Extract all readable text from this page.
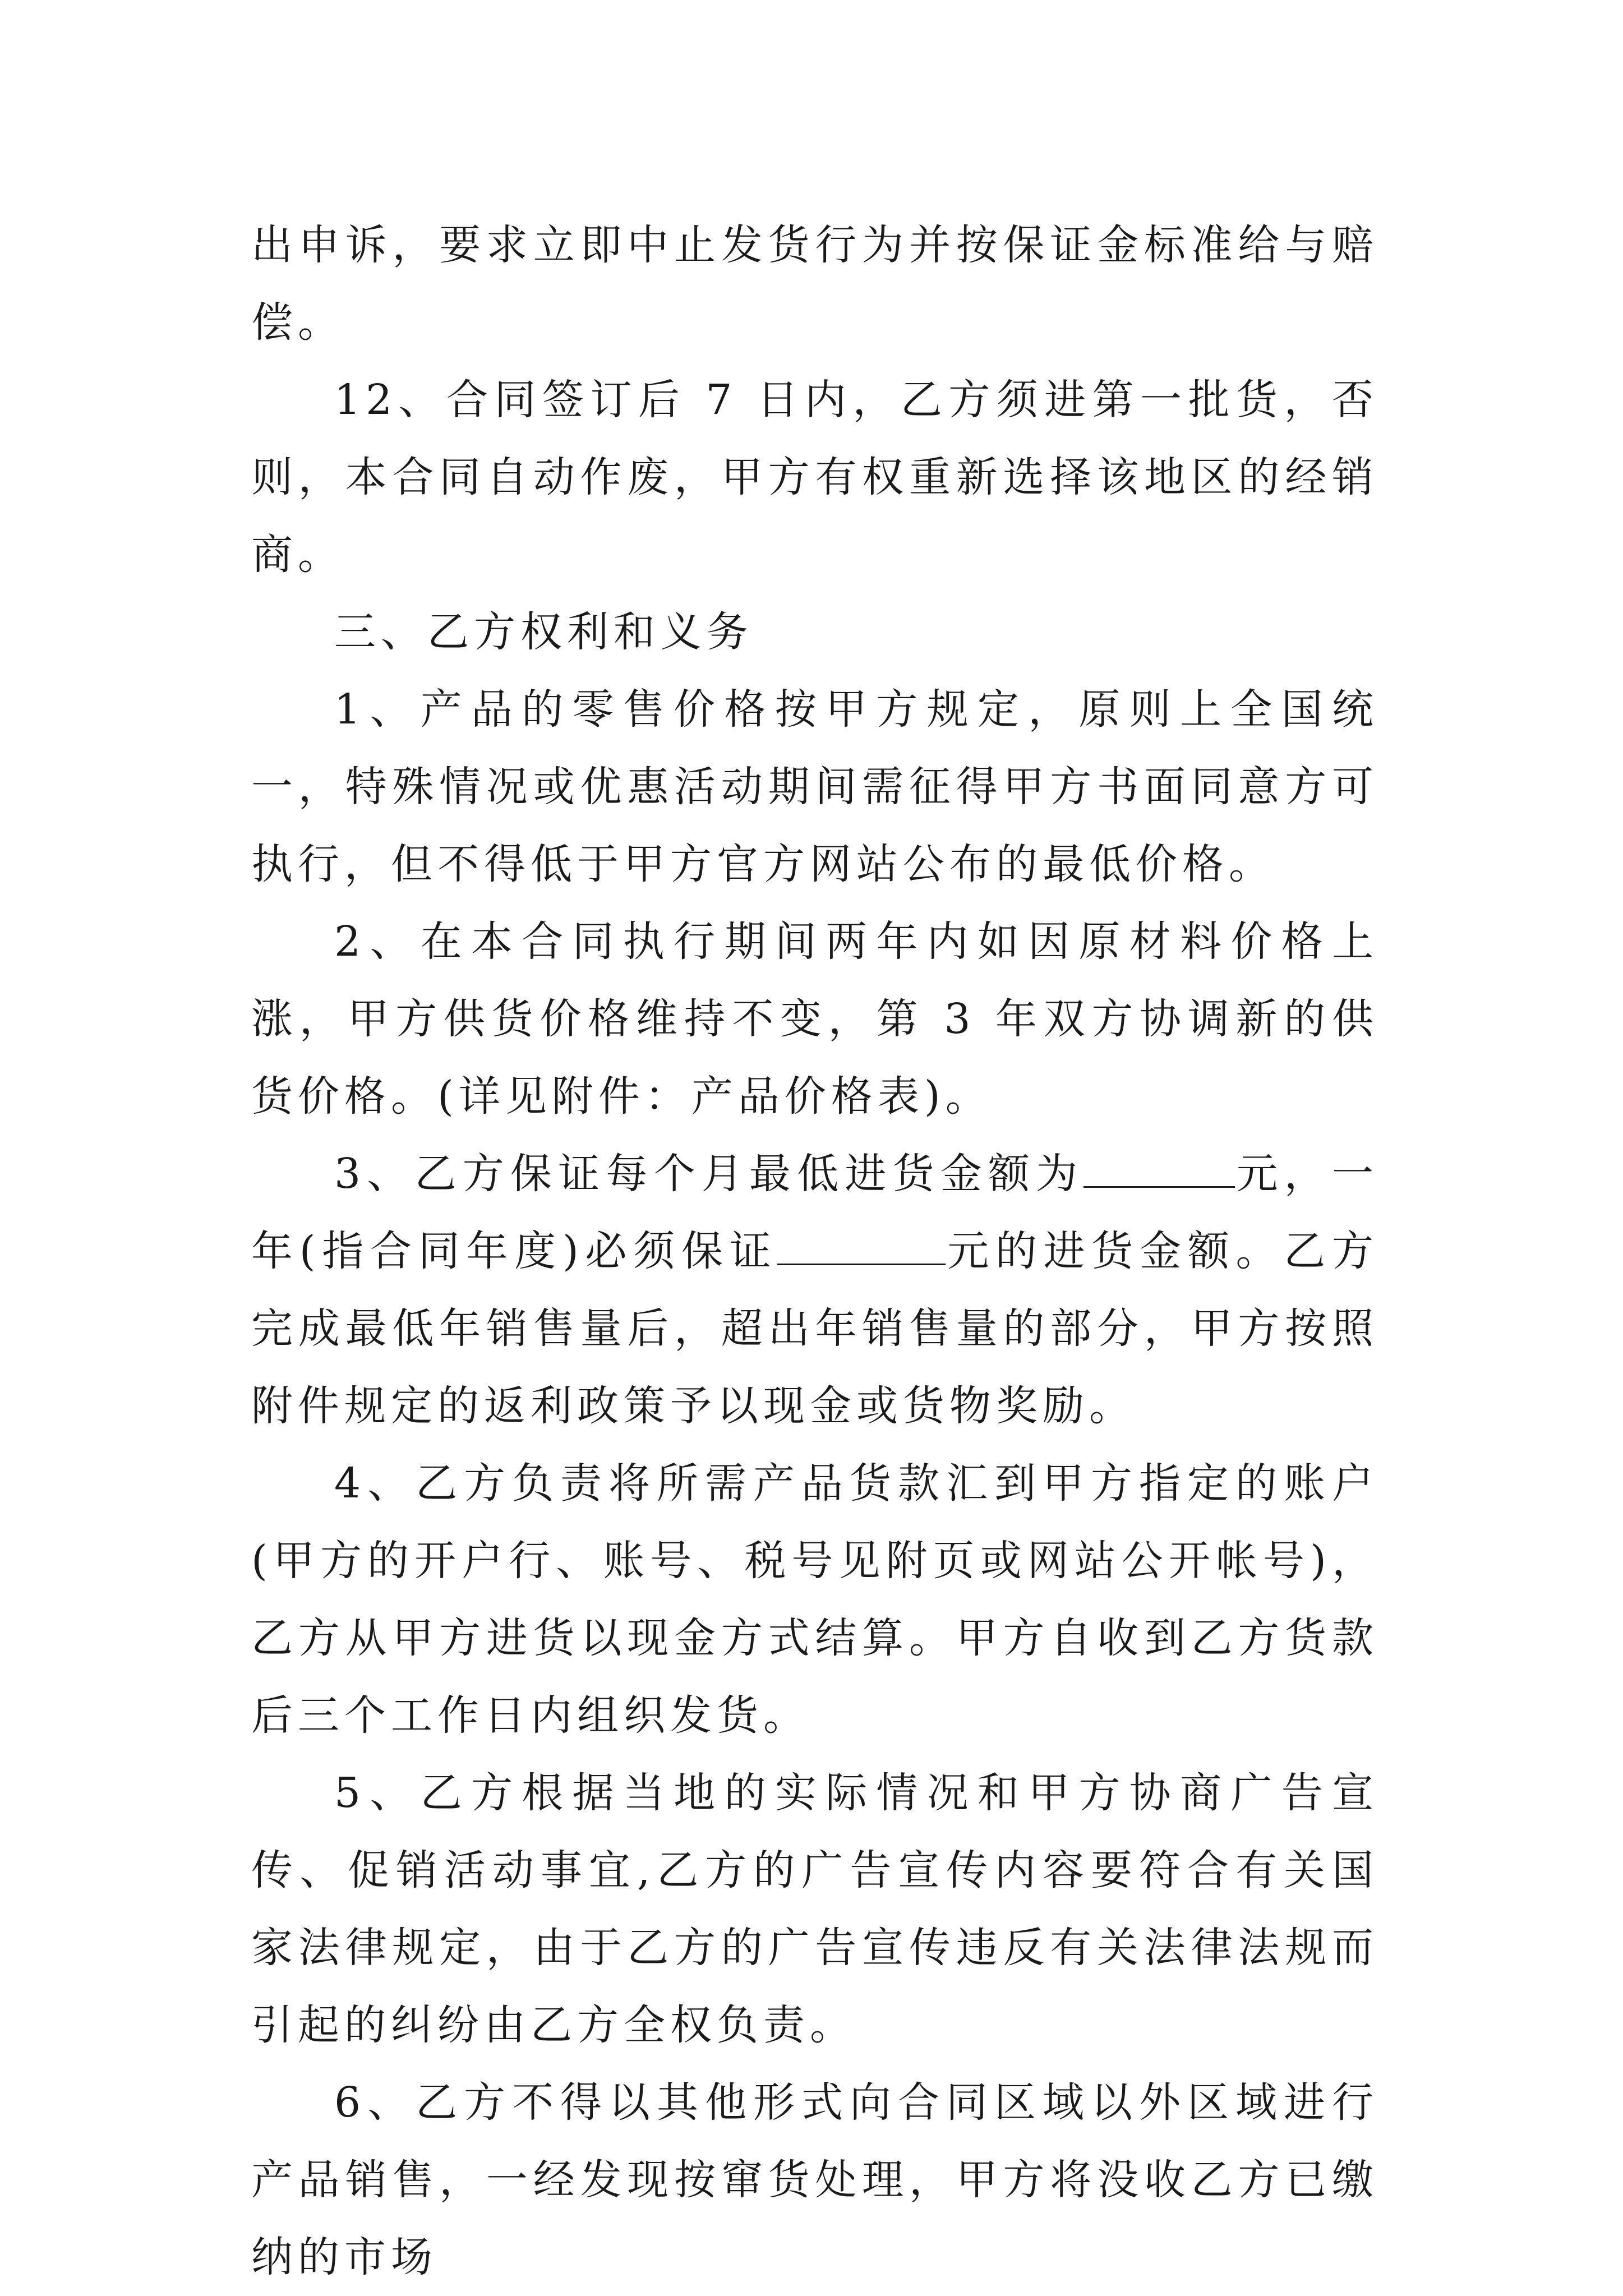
出申诉，要求立即中止发货行为并按保证金标准给与赔偿。

12、合同签订后 7 日内，乙方须进第一批货，否则，本合同自动作废，甲方有权重新选择该地区的经销商。

三、乙方权利和义务

1、产品的零售价格按甲方规定，原则上全国统一，特殊情况或优惠活动期间需征得甲方书面同意方可执行，但不得低于甲方官方网站公布的最低价格。

2、在本合同执行期间两年内如因原材料价格上涨，甲方供货价格维持不变，第 3 年双方协调新的供货价格。(详见附件：产品价格表)。

3、乙方保证每个月最低进货金额为	元，一年(指合同年度)必须保证	元的进货金额。乙方完成最低年销售量后，超出年销售量的部分，甲方按照附件规定的返利政策予以现金或货物奖励。

4、乙方负责将所需产品货款汇到甲方指定的账户(甲方的开户行、账号、税号见附页或网站公开帐号)，乙方从甲方进货以现金方式结算。甲方自收到乙方货款后三个工作日内组织发货。

5、乙方根据当地的实际情况和甲方协商广告宣传、促销活动事宜,乙方的广告宣传内容要符合有关国家法律规定，由于乙方的广告宣传违反有关法律法规而引起的纠纷由乙方全权负责。

6、乙方不得以其他形式向合同区域以外区域进行产品销售，一经发现按窜货处理，甲方将没收乙方已缴纳的市场
